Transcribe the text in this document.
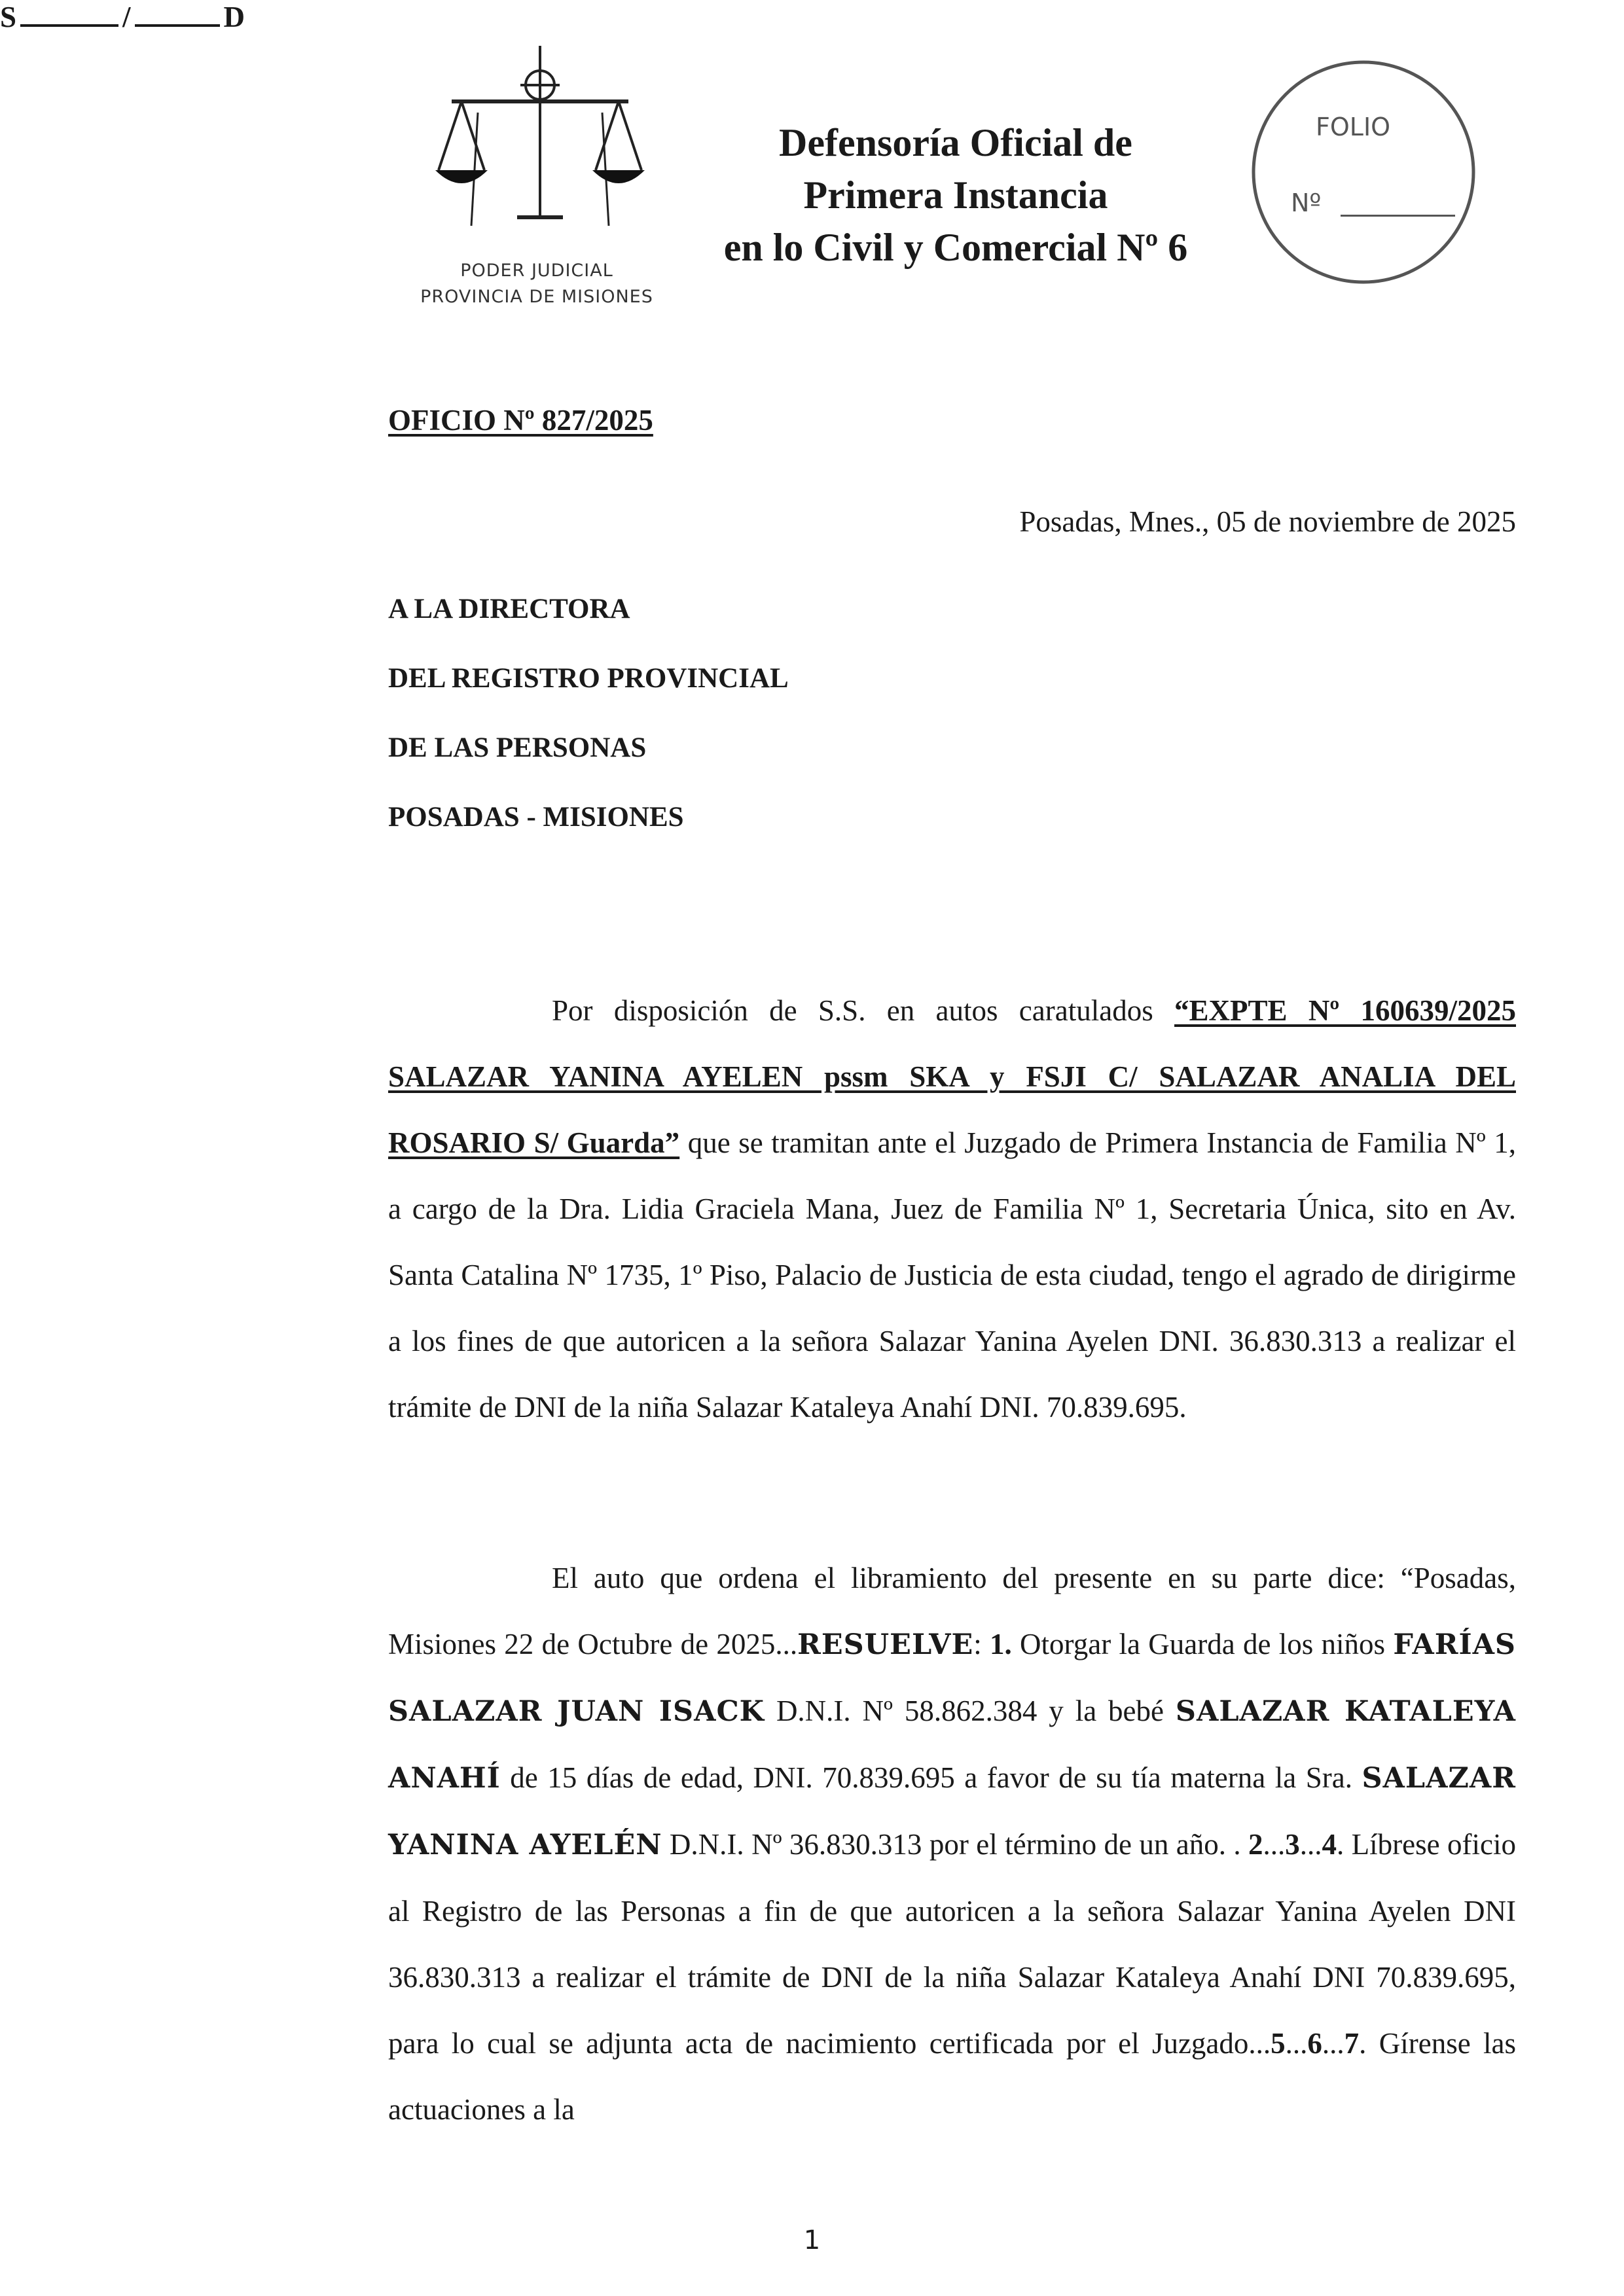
PODER JUDICIAL
PROVINCIA DE MISIONES
Defensoría Oficial de
Primera Instancia
en lo Civil y Comercial Nº 6
FOLIO
Nº
OFICIO Nº 827/2025
Posadas, Mnes., 05 de noviembre de 2025
A LA DIRECTORA
DEL REGISTRO PROVINCIAL
DE LAS PERSONAS
POSADAS - MISIONES
S	/	D

Por disposición de S.S. en autos caratulados “EXPTE Nº 160639/2025 SALAZAR YANINA AYELEN pssm SKA y FSJI C/ SALAZAR ANALIA DEL ROSARIO S/ Guarda” que se tramitan ante el Juzgado de Primera Instancia de Familia Nº 1, a cargo de la Dra. Lidia Graciela Mana, Juez de Familia Nº 1, Secretaria Única, sito en Av. Santa Catalina Nº 1735, 1º Piso, Palacio de Justicia de esta ciudad, tengo el agrado de dirigirme a los fines de que autoricen a la señora Salazar Yanina Ayelen DNI. 36.830.313 a realizar el trámite de DNI de la niña Salazar Kataleya Anahí DNI. 70.839.695.

El auto que ordena el libramiento del presente en su parte dice: “Posadas, Misiones 22 de Octubre de 2025...RESUELVE: 1. Otorgar la Guarda de los niños FARÍAS SALAZAR JUAN ISACK D.N.I. Nº 58.862.384 y la bebé SALAZAR KATALEYA ANAHÍ de 15 días de edad, DNI. 70.839.695 a favor de su tía materna la Sra. SALAZAR YANINA AYELÉN D.N.I. Nº 36.830.313 por el término de un año. . 2...3...4. Líbrese oficio al Registro de las Personas a fin de que autoricen a la señora Salazar Yanina Ayelen DNI 36.830.313 a realizar el trámite de DNI de la niña Salazar Kataleya Anahí DNI 70.839.695, para lo cual se adjunta acta de nacimiento certificada por el Juzgado...5...6...7. Gírense las actuaciones a la

1
